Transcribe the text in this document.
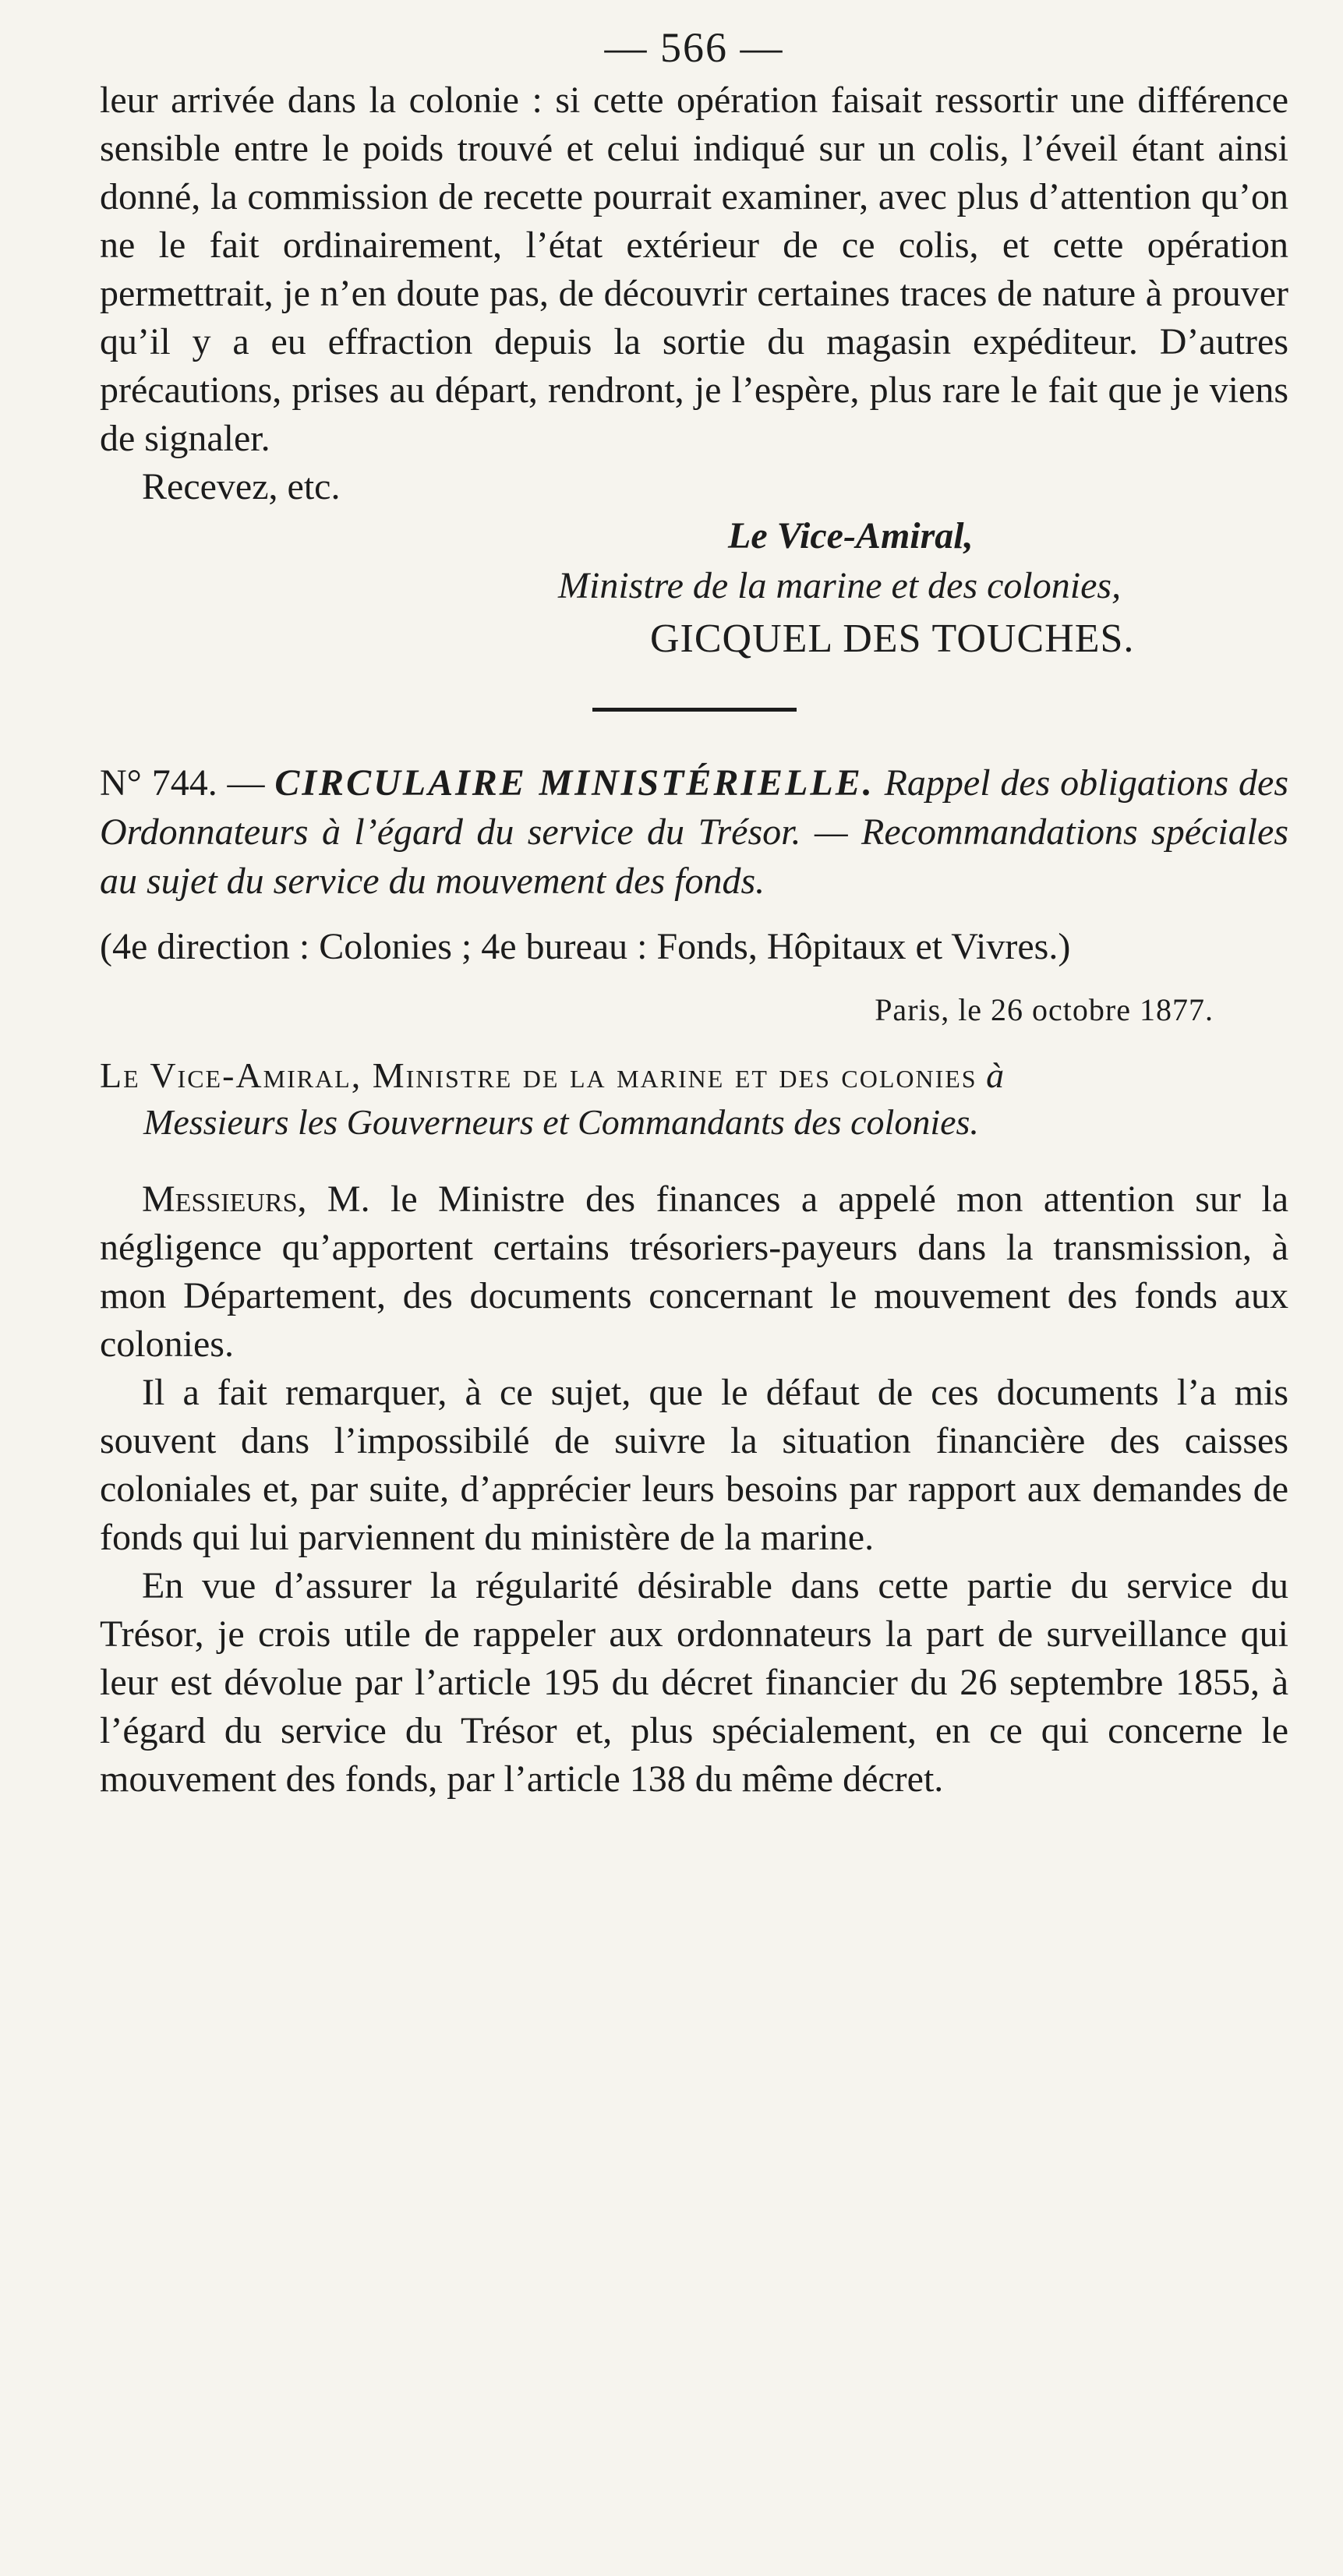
— 566 —

leur arrivée dans la colonie : si cette opération faisait ressortir une différence sensible entre le poids trouvé et celui indiqué sur un colis, l’éveil étant ainsi donné, la commission de recette pourrait examiner, avec plus d’attention qu’on ne le fait ordinairement, l’état extérieur de ce colis, et cette opération permettrait, je n’en doute pas, de découvrir certaines traces de nature à prouver qu’il y a eu effraction depuis la sortie du magasin expéditeur. D’autres précautions, prises au départ, rendront, je l’espère, plus rare le fait que je viens de signaler.

Recevez, etc.

Le Vice-Amiral,
Ministre de la marine et des colonies,
GICQUEL DES TOUCHES.

N° 744. — CIRCULAIRE MINISTÉRIELLE. Rappel des obligations des Ordonnateurs à l’égard du service du Trésor. — Recommandations spéciales au sujet du service du mouvement des fonds.

(4e direction : Colonies ; 4e bureau : Fonds, Hôpitaux et Vivres.)
Paris, le 26 octobre 1877.
Le Vice-Amiral, Ministre de la marine et des colonies à
Messieurs les Gouverneurs et Commandants des colonies.

Messieurs, M. le Ministre des finances a appelé mon attention sur la négligence qu’apportent certains trésoriers-payeurs dans la transmission, à mon Département, des documents concernant le mouvement des fonds aux colonies.

Il a fait remarquer, à ce sujet, que le défaut de ces documents l’a mis souvent dans l’impossibilé de suivre la situation financière des caisses coloniales et, par suite, d’apprécier leurs besoins par rapport aux demandes de fonds qui lui parviennent du ministère de la marine.

En vue d’assurer la régularité désirable dans cette partie du service du Trésor, je crois utile de rappeler aux ordonnateurs la part de surveillance qui leur est dévolue par l’article 195 du décret financier du 26 septembre 1855, à l’égard du service du Trésor et, plus spécialement, en ce qui concerne le mouvement des fonds, par l’article 138 du même décret.
